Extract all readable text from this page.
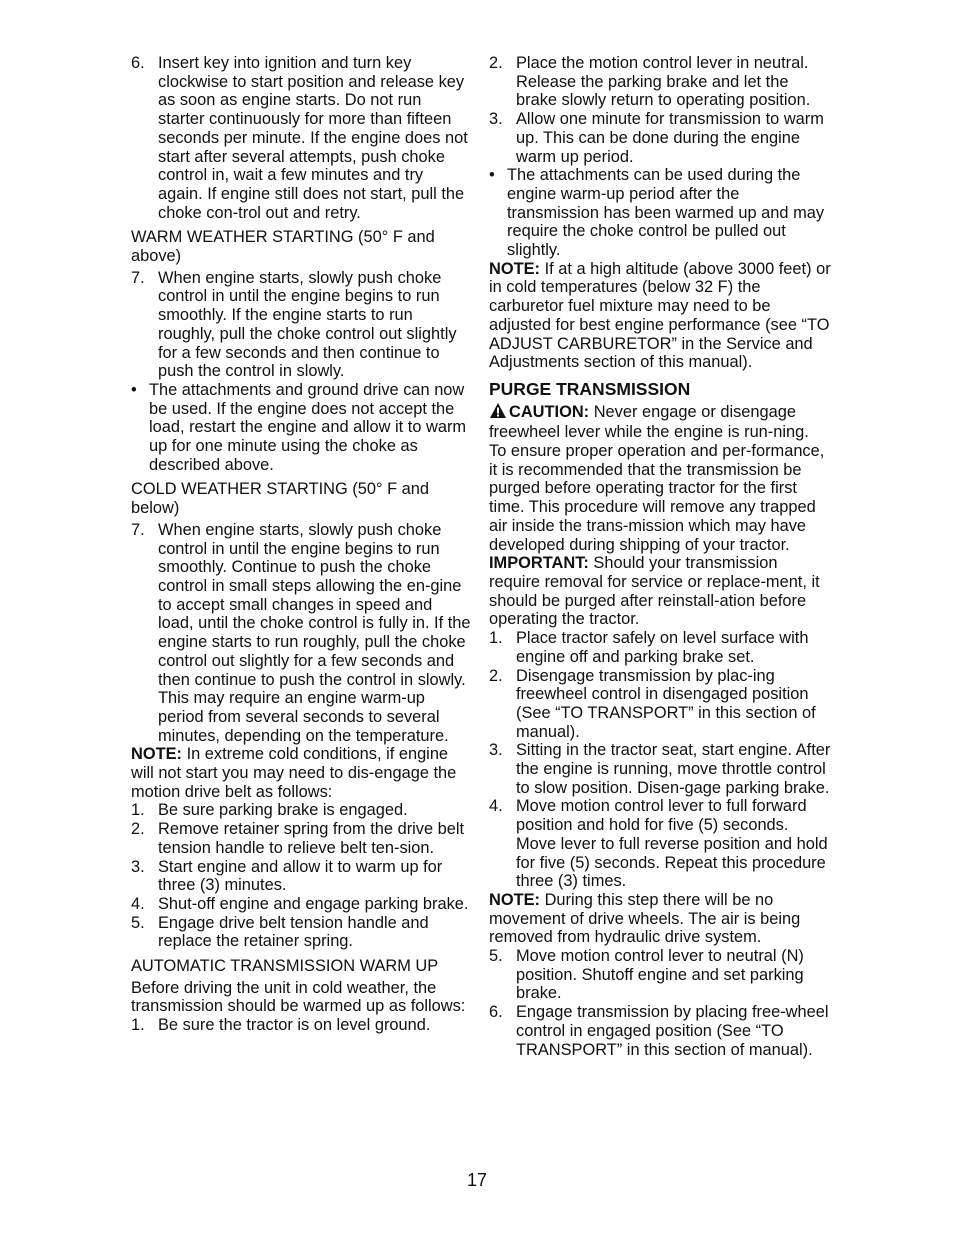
6. Insert key into ignition and turn key clockwise to start position and release key as soon as engine starts. Do not run starter continuously for more than fifteen seconds per minute. If the engine does not start after several attempts, push choke control in, wait a few minutes and try again. If engine still does not start, pull the choke con-trol out and retry.
WARM WEATHER STARTING (50° F and above)
7. When engine starts, slowly push choke control in until the engine begins to run smoothly. If the engine starts to run roughly, pull the choke control out slightly for a few seconds and then continue to push the control in slowly.
• The attachments and ground drive can now be used. If the engine does not accept the load, restart the engine and allow it to warm up for one minute using the choke as described above.
COLD WEATHER STARTING (50° F and below)
7. When engine starts, slowly push choke control in until the engine begins to run smoothly. Continue to push the choke control in small steps allowing the en-gine to accept small changes in speed and load, until the choke control is fully in. If the engine starts to run roughly, pull the choke control out slightly for a few seconds and then continue to push the control in slowly. This may require an engine warm-up period from several seconds to several minutes, depending on the temperature.
NOTE: In extreme cold conditions, if engine will not start you may need to dis-engage the motion drive belt as follows:
1. Be sure parking brake is engaged.
2. Remove retainer spring from the drive belt tension handle to relieve belt ten-sion.
3. Start engine and allow it to warm up for three (3) minutes.
4. Shut-off engine and engage parking brake.
5. Engage drive belt tension handle and replace the retainer spring.
AUTOMATIC TRANSMISSION WARM UP
Before driving the unit in cold weather, the transmission should be warmed up as follows:
1. Be sure the tractor is on level ground.
2. Place the motion control lever in neutral. Release the parking brake and let the brake slowly return to operating position.
3. Allow one minute for transmission to warm up. This can be done during the engine warm up period.
• The attachments can be used during the engine warm-up period after the transmission has been warmed up and may require the choke control be pulled out slightly.
NOTE: If at a high altitude (above 3000 feet) or in cold temperatures (below 32 F) the carburetor fuel mixture may need to be adjusted for best engine performance (see “TO ADJUST CARBURETOR” in the Service and Adjustments section of this manual).
PURGE TRANSMISSION
CAUTION: Never engage or disengage freewheel lever while the engine is run-ning.
To ensure proper operation and per-formance, it is recommended that the transmission be purged before operating tractor for the first time. This procedure will remove any trapped air inside the trans-mission which may have developed during shipping of your tractor.
IMPORTANT: Should your transmission require removal for service or replace-ment, it should be purged after reinstall-ation before operating the tractor.
1. Place tractor safely on level surface with engine off and parking brake set.
2. Disengage transmission by plac-ing freewheel control in disengaged position (See “TO TRANSPORT” in this section of manual).
3. Sitting in the tractor seat, start engine. After the engine is running, move throttle control to slow position. Disen-gage parking brake.
4. Move motion control lever to full forward position and hold for five (5) seconds. Move lever to full reverse position and hold for five (5) seconds. Repeat this procedure three (3) times.
NOTE: During this step there will be no movement of drive wheels. The air is being removed from hydraulic drive system.
5. Move motion control lever to neutral (N) position. Shutoff engine and set parking brake.
6. Engage transmission by placing free-wheel control in engaged position (See “TO TRANSPORT” in this section of manual).
17
